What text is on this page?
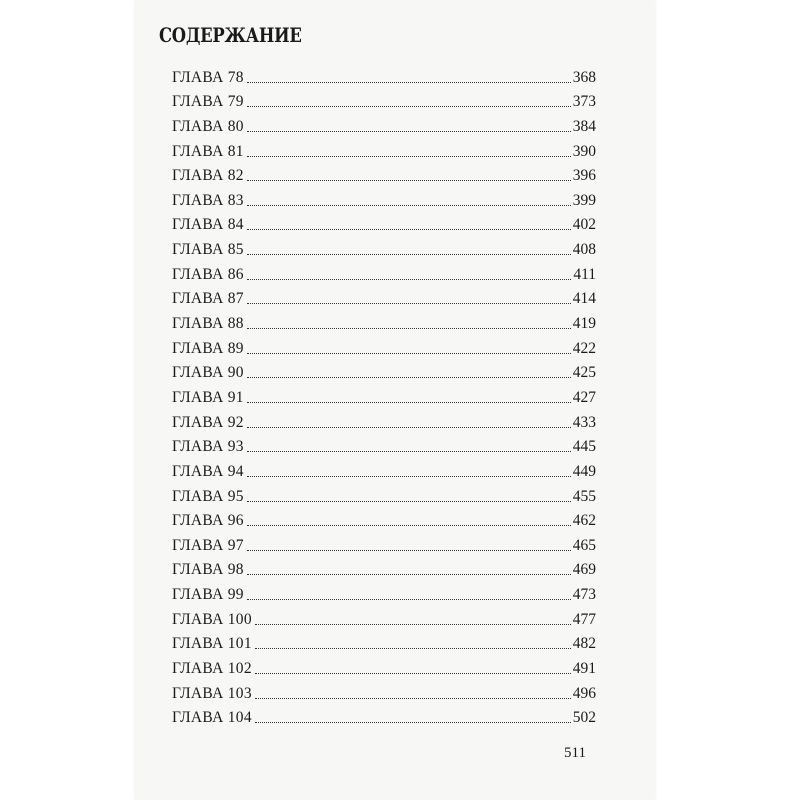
СОДЕРЖАНИЕ
ГЛАВА 78	368
ГЛАВА 79	373
ГЛАВА 80	384
ГЛАВА 81	390
ГЛАВА 82	396
ГЛАВА 83	399
ГЛАВА 84	402
ГЛАВА 85	408
ГЛАВА 86	411
ГЛАВА 87	414
ГЛАВА 88	419
ГЛАВА 89	422
ГЛАВА 90	425
ГЛАВА 91	427
ГЛАВА 92	433
ГЛАВА 93	445
ГЛАВА 94	449
ГЛАВА 95	455
ГЛАВА 96	462
ГЛАВА 97	465
ГЛАВА 98	469
ГЛАВА 99	473
ГЛАВА 100	477
ГЛАВА 101	482
ГЛАВА 102	491
ГЛАВА 103	496
ГЛАВА 104	502
511
